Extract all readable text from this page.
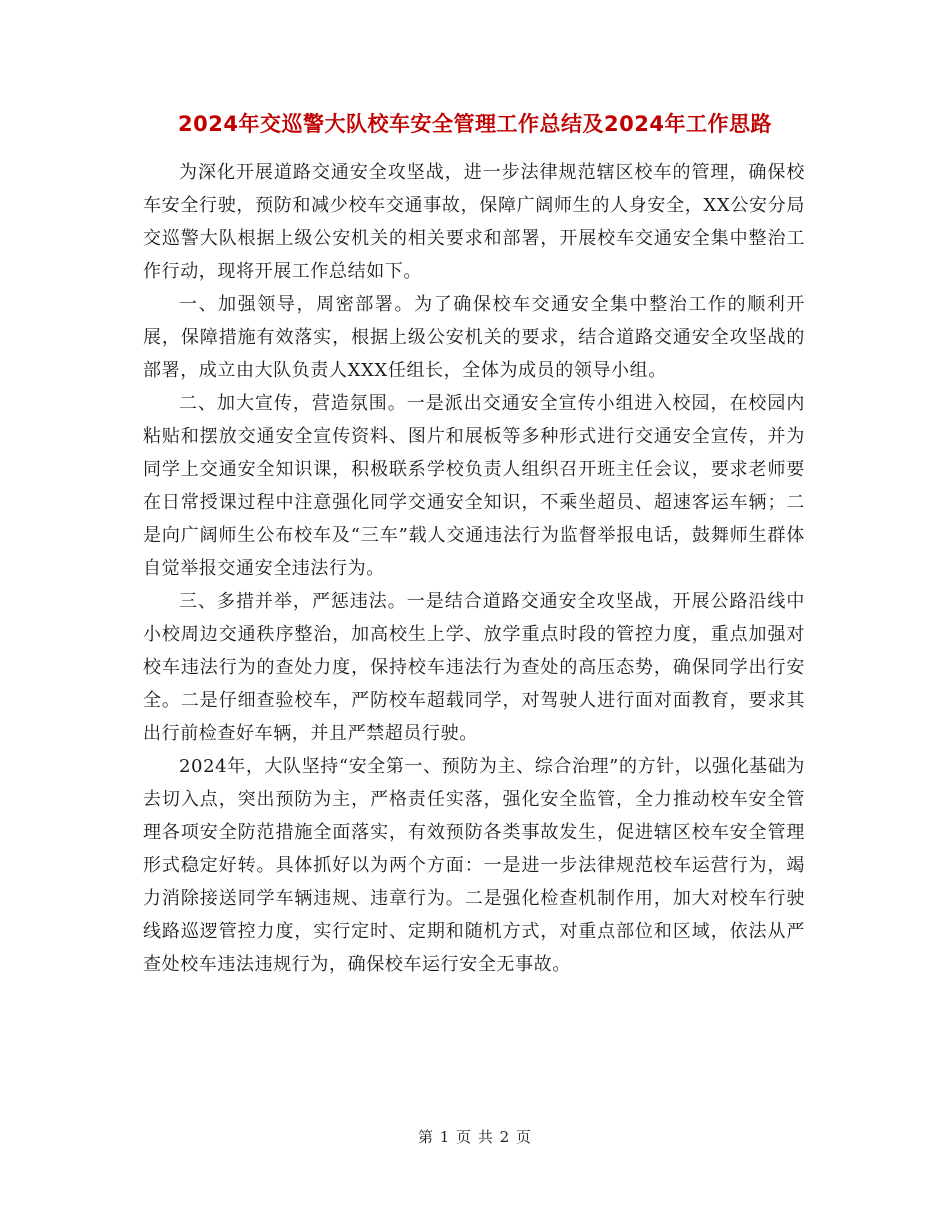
2024年交巡警大队校车安全管理工作总结及2024年工作思路

为深化开展道路交通安全攻坚战，进一步法律规范辖区校车的管理，确保校车安全行驶，预防和减少校车交通事故，保障广阔师生的人身安全，XX公安分局交巡警大队根据上级公安机关的相关要求和部署，开展校车交通安全集中整治工作行动，现将开展工作总结如下。

一、加强领导，周密部署。为了确保校车交通安全集中整治工作的顺利开展，保障措施有效落实，根据上级公安机关的要求，结合道路交通安全攻坚战的部署，成立由大队负责人XXX任组长，全体为成员的领导小组。

二、加大宣传，营造氛围。一是派出交通安全宣传小组进入校园，在校园内粘贴和摆放交通安全宣传资料、图片和展板等多种形式进行交通安全宣传，并为同学上交通安全知识课，积极联系学校负责人组织召开班主任会议，要求老师要在日常授课过程中注意强化同学交通安全知识，不乘坐超员、超速客运车辆；二是向广阔师生公布校车及“三车”载人交通违法行为监督举报电话，鼓舞师生群体自觉举报交通安全违法行为。

三、多措并举，严惩违法。一是结合道路交通安全攻坚战，开展公路沿线中小校周边交通秩序整治，加高校生上学、放学重点时段的管控力度，重点加强对校车违法行为的查处力度，保持校车违法行为查处的高压态势，确保同学出行安全。二是仔细查验校车，严防校车超载同学，对驾驶人进行面对面教育，要求其出行前检查好车辆，并且严禁超员行驶。

2024年，大队坚持“安全第一、预防为主、综合治理”的方针，以强化基础为去切入点，突出预防为主，严格责任实落，强化安全监管，全力推动校车安全管理各项安全防范措施全面落实，有效预防各类事故发生，促进辖区校车安全管理形式稳定好转。具体抓好以为两个方面：一是进一步法律规范校车运营行为，竭力消除接送同学车辆违规、违章行为。二是强化检查机制作用，加大对校车行驶线路巡逻管控力度，实行定时、定期和随机方式，对重点部位和区域，依法从严查处校车违法违规行为，确保校车运行安全无事故。

第 1 页 共 2 页
